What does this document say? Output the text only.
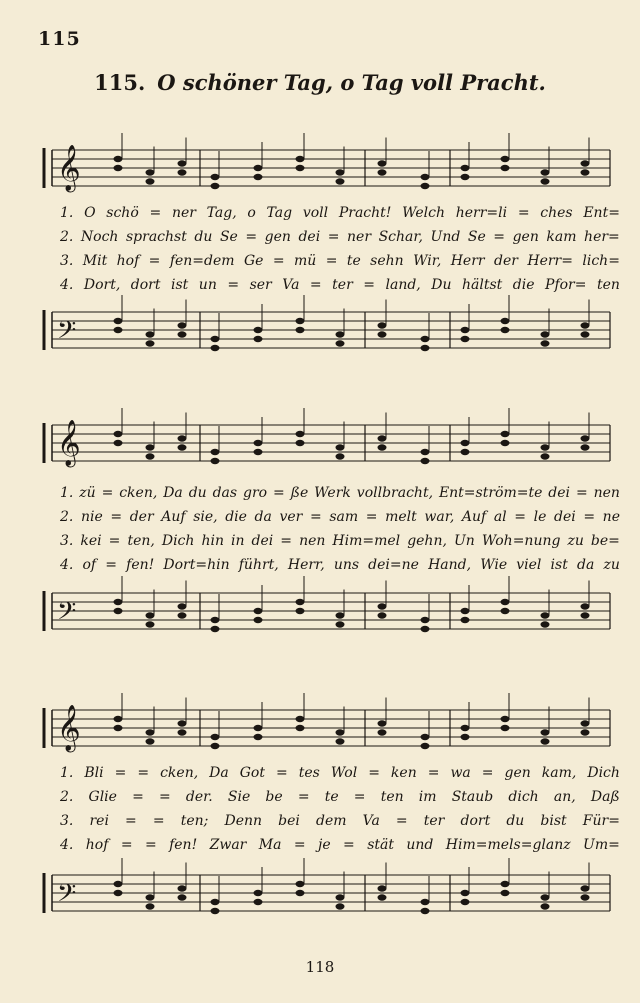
115
115. O schöner Tag, o Tag voll Pracht.
𝄞
1. O schö = ner Tag, o Tag voll Pracht! Welch herr=li = ches Ent=
2. Noch sprachst du Se = gen dei = ner Schar, Und Se = gen kam her=
3. Mit hof = fen=dem Ge = mü = te sehn Wir, Herr der Herr= lich=
4. Dort, dort ist un = ser Va = ter = land, Du hältst die Pfor= ten
𝄢
𝄞
1. zü = cken, Da du das gro = ße Werk vollbracht, Ent=ström=te dei = nen
2. nie = der Auf sie, die da ver = sam = melt war, Auf al = le dei = ne
3. kei = ten, Dich hin in dei = nen Him=mel gehn, Un Woh=nung zu be=
4. of = fen! Dort=hin führt, Herr, uns dei=ne Hand, Wie viel ist da zu
𝄢
𝄞
1. Bli = = cken, Da Got = tes Wol = ken = wa = gen kam, Dich
2. Glie = = der. Sie be = te = ten im Staub dich an, Daß
3. rei = = ten; Denn bei dem Va = ter dort du bist Für=
4. hof = = fen! Zwar Ma = je = stät und Him=mels=glanz Um=
𝄢
118
